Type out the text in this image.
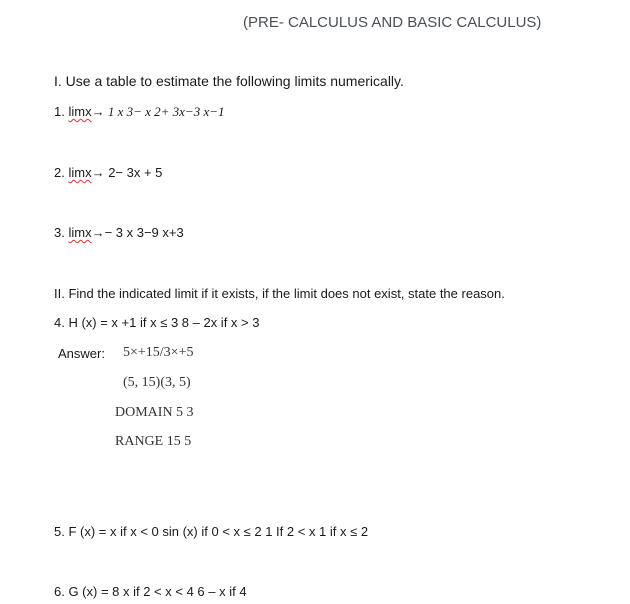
(PRE- CALCULUS AND BASIC CALCULUS)
I. Use a table to estimate the following limits numerically.
1. limx→ 1 x 3− x 2+ 3x−3 x−1
2. limx→ 2− 3x + 5
3. limx→− 3 x 3−9 x+3
II. Find the indicated limit if it exists, if the limit does not exist, state the reason.
4. H (x) = x +1 if x ≤ 3 8 – 2x if x > 3
Answer: 5×+15/3×+5
(5, 15)(3, 5)
DOMAIN 5 3
RANGE 15 5
5. F (x) = x if x < 0 sin (x) if 0 < x ≤ 2 1 If 2 < x 1 if x ≤ 2
6. G (x) = 8 x if 2 < x < 4 6 – x if 4
